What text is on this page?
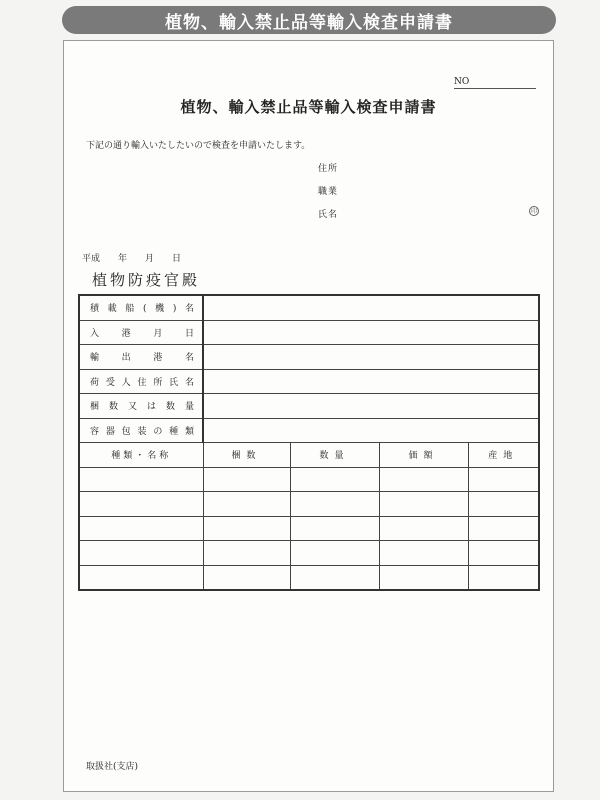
植物、輸入禁止品等輸入検査申請書
NO
植物、輸入禁止品等輸入検査申請書
下記の通り輸入いたしたいので検査を申請いたします。
住所
職業
氏名	印
平成 年 月 日
植物防疫官殿
積載船(機)名				
入港月日				
輸出港名				
荷受人住所氏名				
梱数又は数量				
容器包装の種類				
種類・名称	梱数	数量	価額	産地

取扱社(支店)
